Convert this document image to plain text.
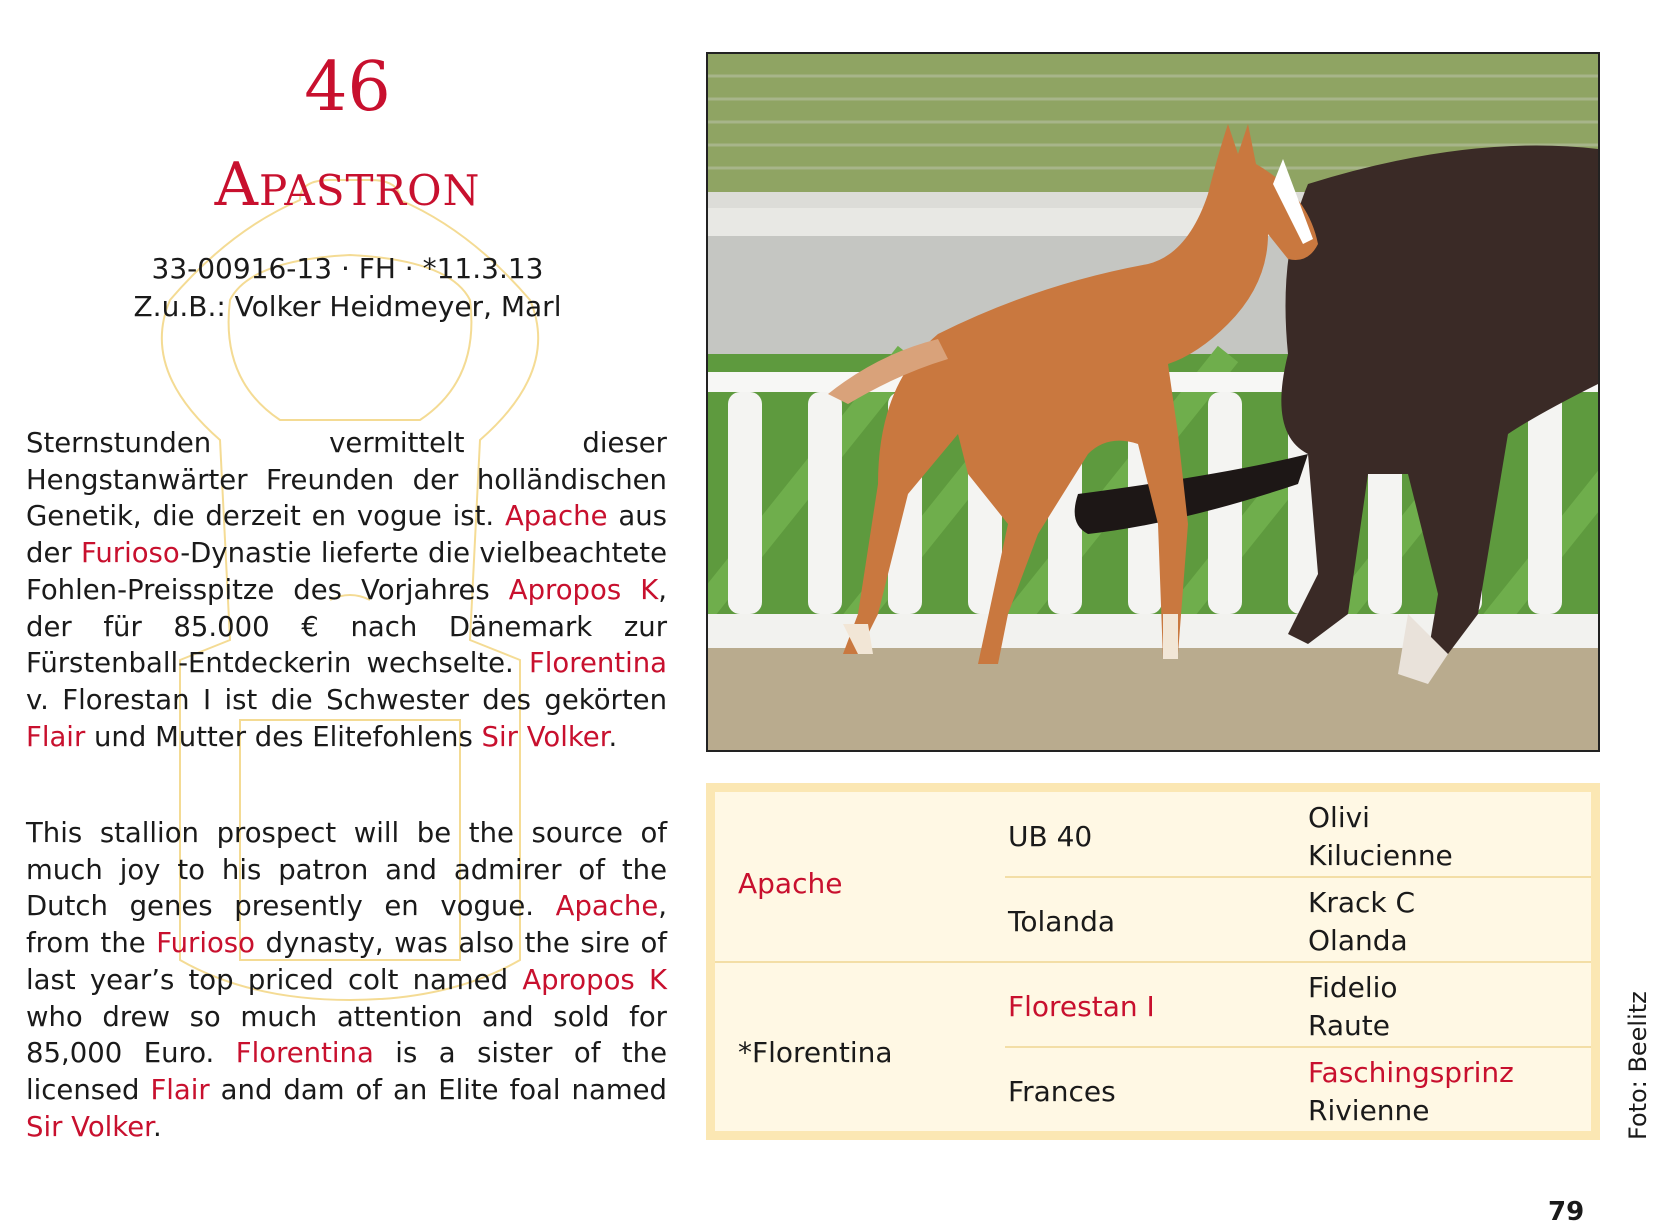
46
Apastron
33-00916-13 · FH · *11.3.13
Z.u.B.: Volker Heidmeyer, Marl
Sternstunden vermittelt dieser Hengstanwärter Freunden der holländischen Genetik, die derzeit en vogue ist. Apache aus der Furioso-Dynastie lieferte die vielbeachtete Fohlen-Preisspitze des Vorjahres Apropos K, der für 85.000 € nach Dänemark zur Fürstenball-Entdeckerin wechselte. Florentina v. Florestan I ist die Schwester des gekörten Flair und Mutter des Elitefohlens Sir Volker.
This stallion prospect will be the source of much joy to his patron and admirer of the Dutch genes presently en vogue. Apache, from the Furioso dynasty, was also the sire of last year’s top priced colt named Apropos K who drew so much attention and sold for 85,000 Euro. Florentina is a sister of the licensed Flair and dam of an Elite foal named Sir Volker.
Apache
*Florentina
UB 40
Tolanda
Florestan I
Frances
Olivi
Kilucienne
Krack C
Olanda
Fidelio
Raute
Faschingsprinz
Rivienne	Foto: Beelitz
79
